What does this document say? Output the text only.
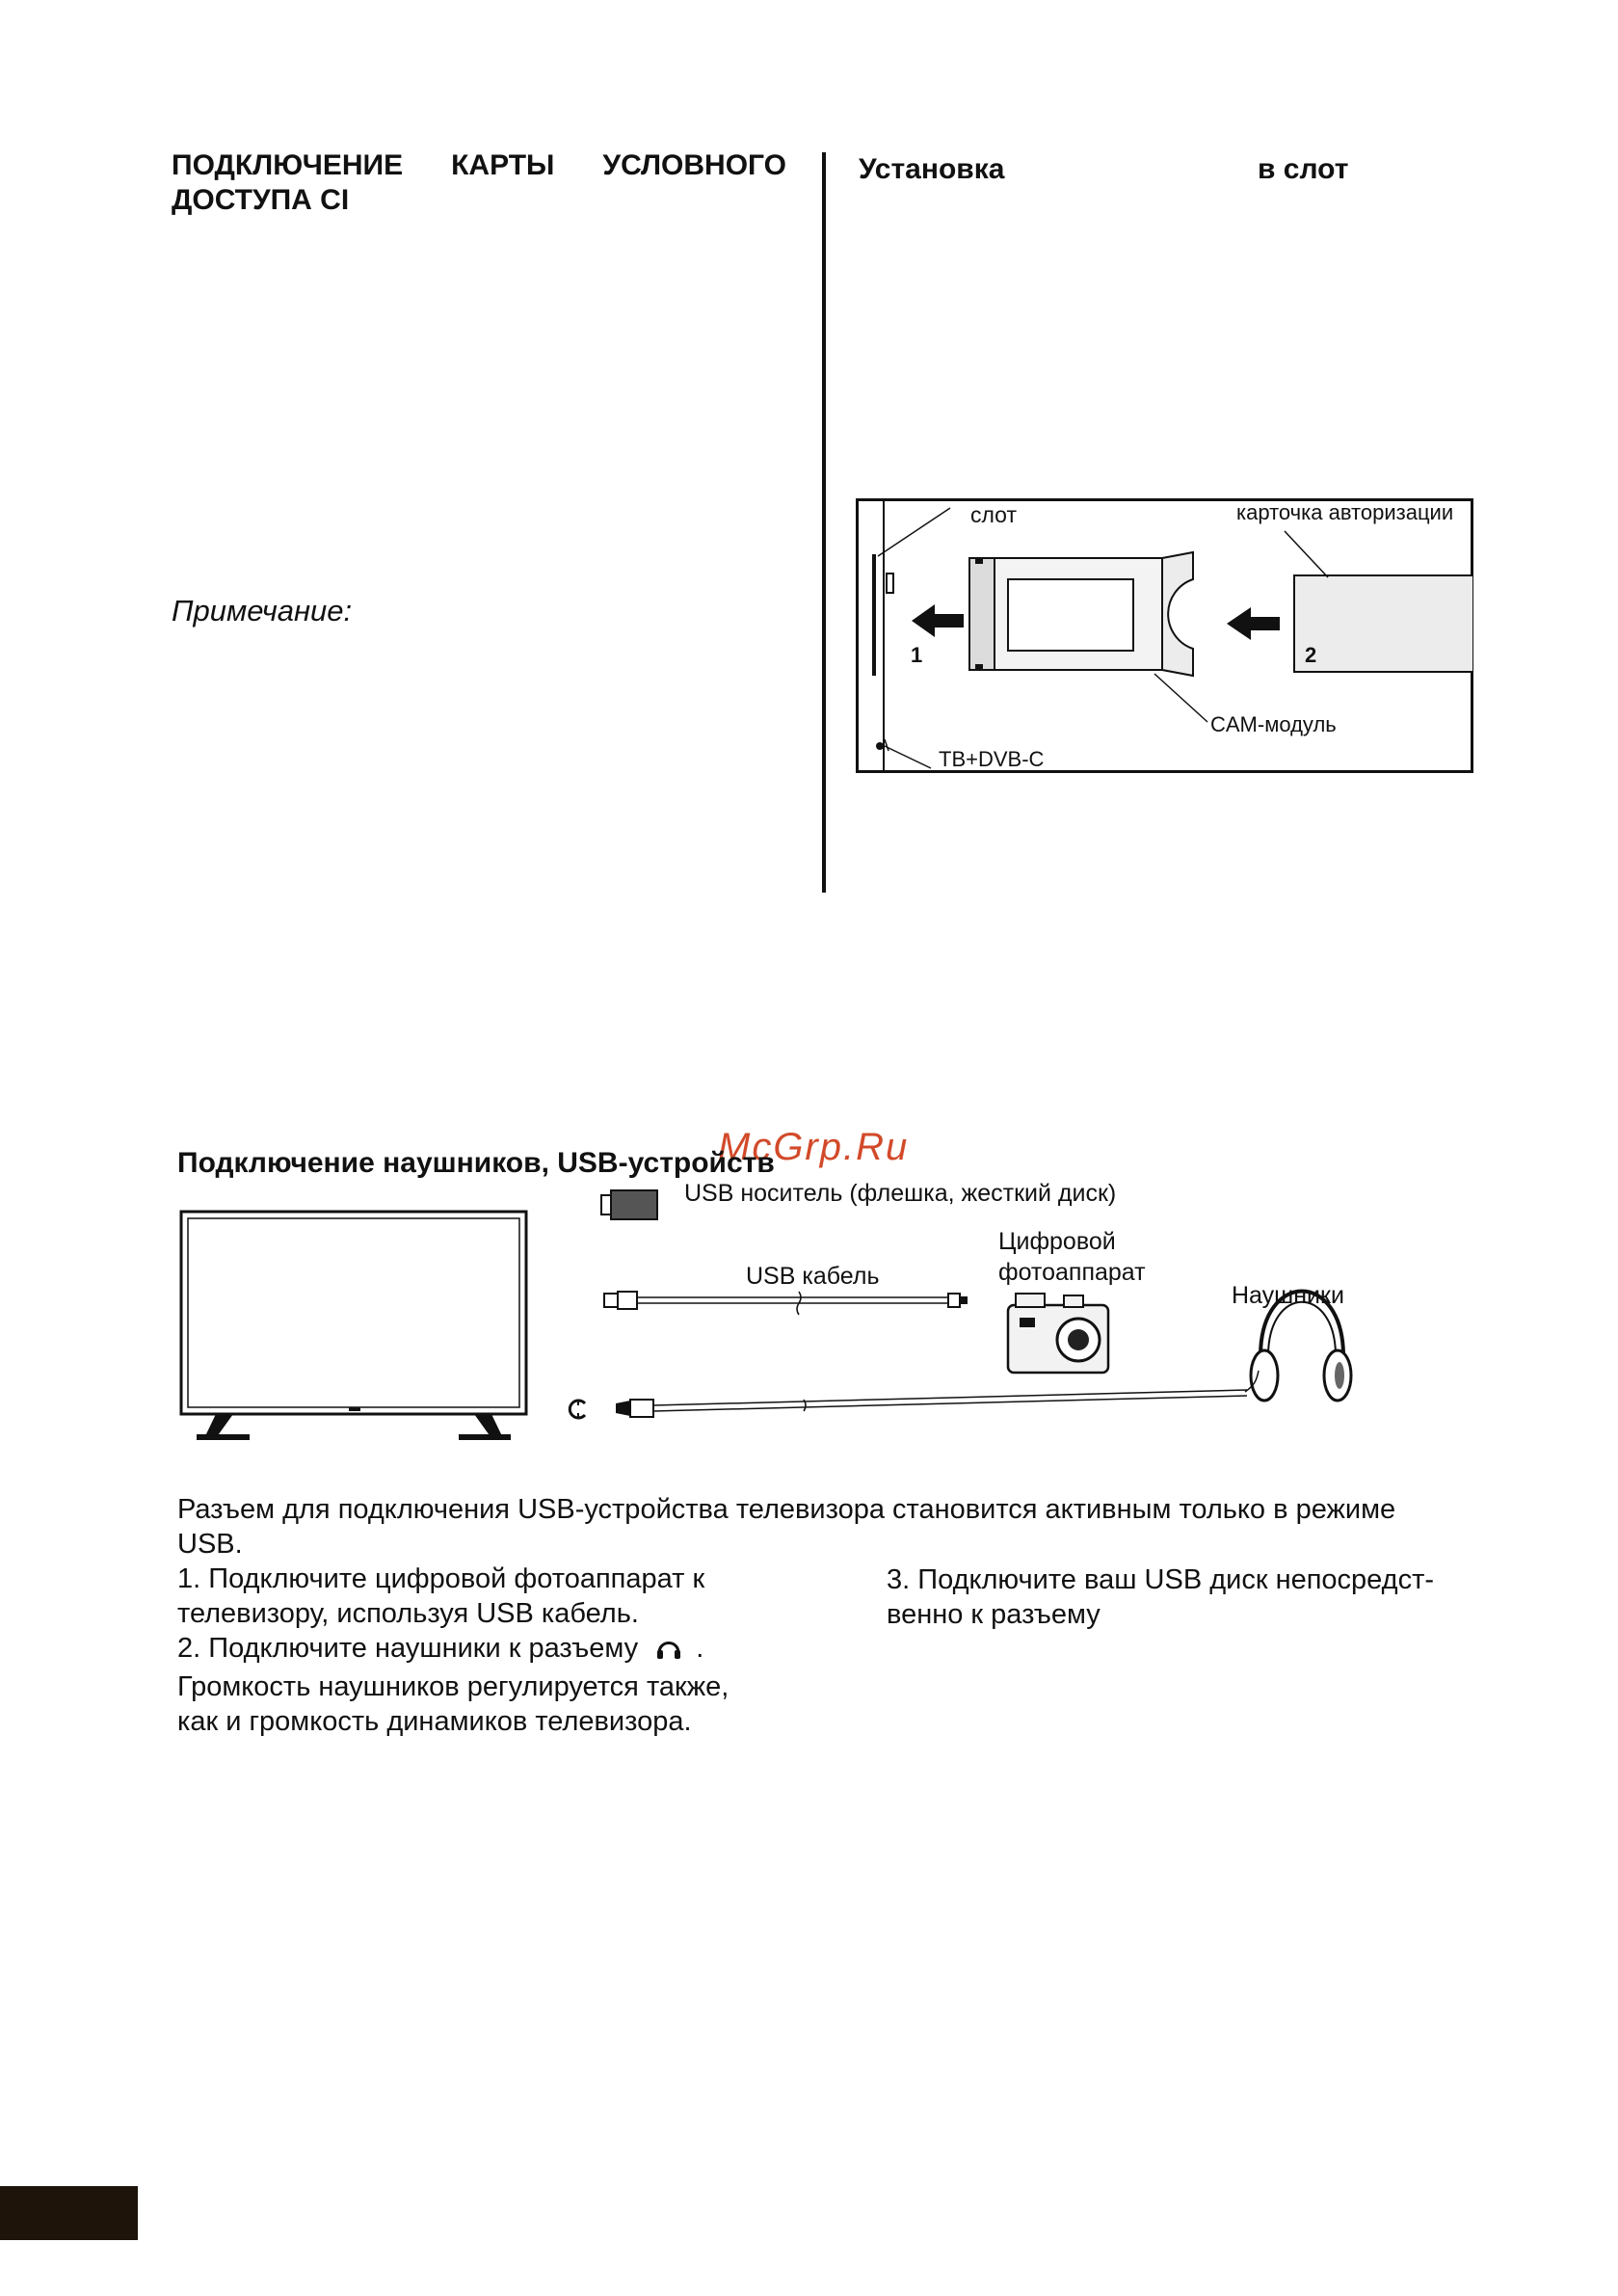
ПОДКЛЮЧЕНИЕ КАРТЫ УСЛОВНОГО
ДОСТУПА CI
Примечание:
Установка	в слот
слот	карточка авторизации
CAM-модуль
ТВ+DVB-C
1	2
McGrp.Ru
Подключение наушников, USB-устройств
USB носитель (флешка, жесткий диск)
USB кабель
Цифровой
фотоаппарат
Наушники
Разъем для подключения USB-устройства телевизора становится активным только в режиме
USB.
1. Подключите цифровой фотоаппарат к
телевизору, используя USB кабель.
2. Подключите наушники к разъему .
Громкость наушников регулируется также,
как и громкость динамиков телевизора.
3. Подключите ваш USB диск непосредст-
венно к разъему
